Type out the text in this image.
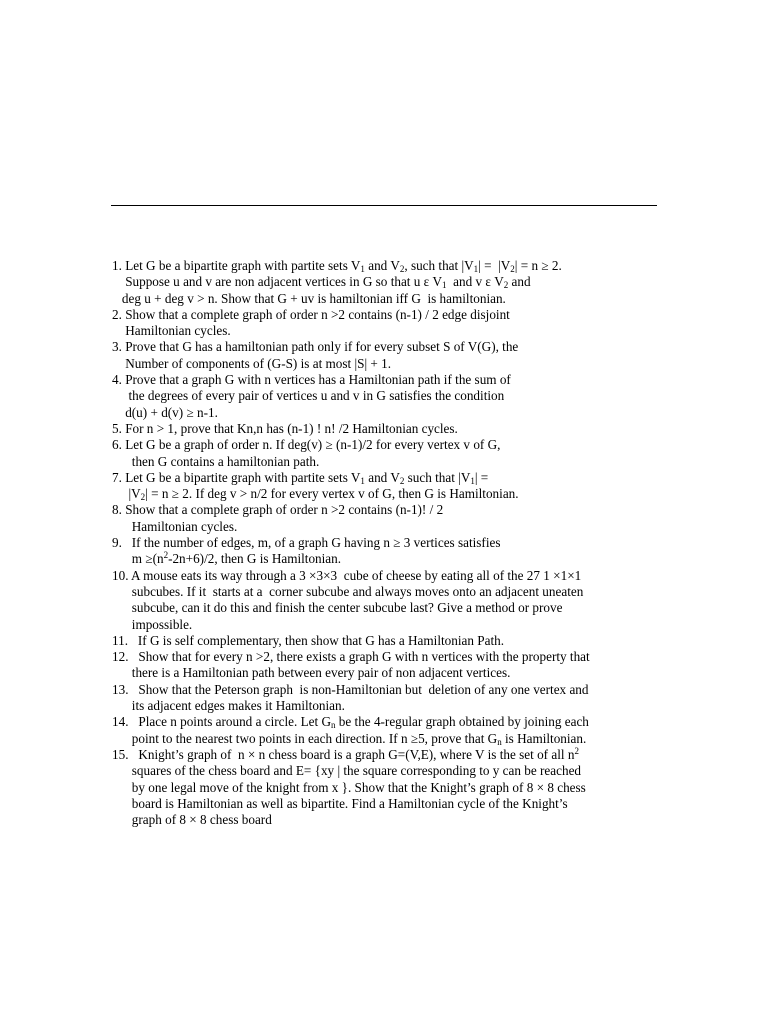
1. Let G be a bipartite graph with partite sets $V_1$ and $V_2$, such that $|V_1| = |V_2| = n \ge 2$.
Suppose u and v are non adjacent vertices in G so that u ε $V_1$  and v ε $V_2$ and
deg u + deg v > n. Show that G + uv is hamiltonian iff G  is hamiltonian.
2. Show that a complete graph of order n >2 contains (n-1) / 2 edge disjoint
Hamiltonian cycles.
3. Prove that G has a hamiltonian path only if for every subset S of V(G), the
Number of components of (G-S) is at most |S| + 1.
4. Prove that a graph G with n vertices has a Hamiltonian path if the sum of
the degrees of every pair of vertices u and v in G satisfies the condition
d(u) + d(v) ≥ n-1.
5. For n > 1, prove that Kn,n has (n-1) ! n! /2 Hamiltonian cycles.
6. Let G be a graph of order n. If deg(v) ≥ (n-1)/2 for every vertex v of G,
then G contains a hamiltonian path.
7. Let G be a bipartite graph with partite sets $V_1$ and $V_2$ such that $|V_1|$ =
$|V_2| = n \ge 2$. If deg v > n/2 for every vertex v of G, then G is Hamiltonian.
8. Show that a complete graph of order n >2 contains (n-1)! / 2
Hamiltonian cycles.
9.   If the number of edges, m, of a graph G having n ≥ 3 vertices satisfies
$m \ge(n^2-2n+6)/2$, then G is Hamiltonian.
10. A mouse eats its way through a 3 ×3×3  cube of cheese by eating all of the 27 1 ×1×1
subcubes. If it  starts at a  corner subcube and always moves onto an adjacent uneaten
subcube, can it do this and finish the center subcube last? Give a method or prove
impossible.
11.   If G is self complementary, then show that G has a Hamiltonian Path.
12.   Show that for every n >2, there exists a graph G with n vertices with the property that
there is a Hamiltonian path between every pair of non adjacent vertices.
13.   Show that the Peterson graph  is non-Hamiltonian but  deletion of any one vertex and
its adjacent edges makes it Hamiltonian.
14.   Place n points around a circle. Let $G_n$ be the 4-regular graph obtained by joining each
point to the nearest two points in each direction. If n ≥5, prove that $G_n$ is Hamiltonian.
15.   Knight’s graph of  n × n chess board is a graph G=(V,E), where V is the set of all $n^2$
squares of the chess board and E= {xy | the square corresponding to y can be reached
by one legal move of the knight from x }. Show that the Knight’s graph of 8 × 8 chess
board is Hamiltonian as well as bipartite. Find a Hamiltonian cycle of the Knight’s
graph of 8 × 8 chess board
